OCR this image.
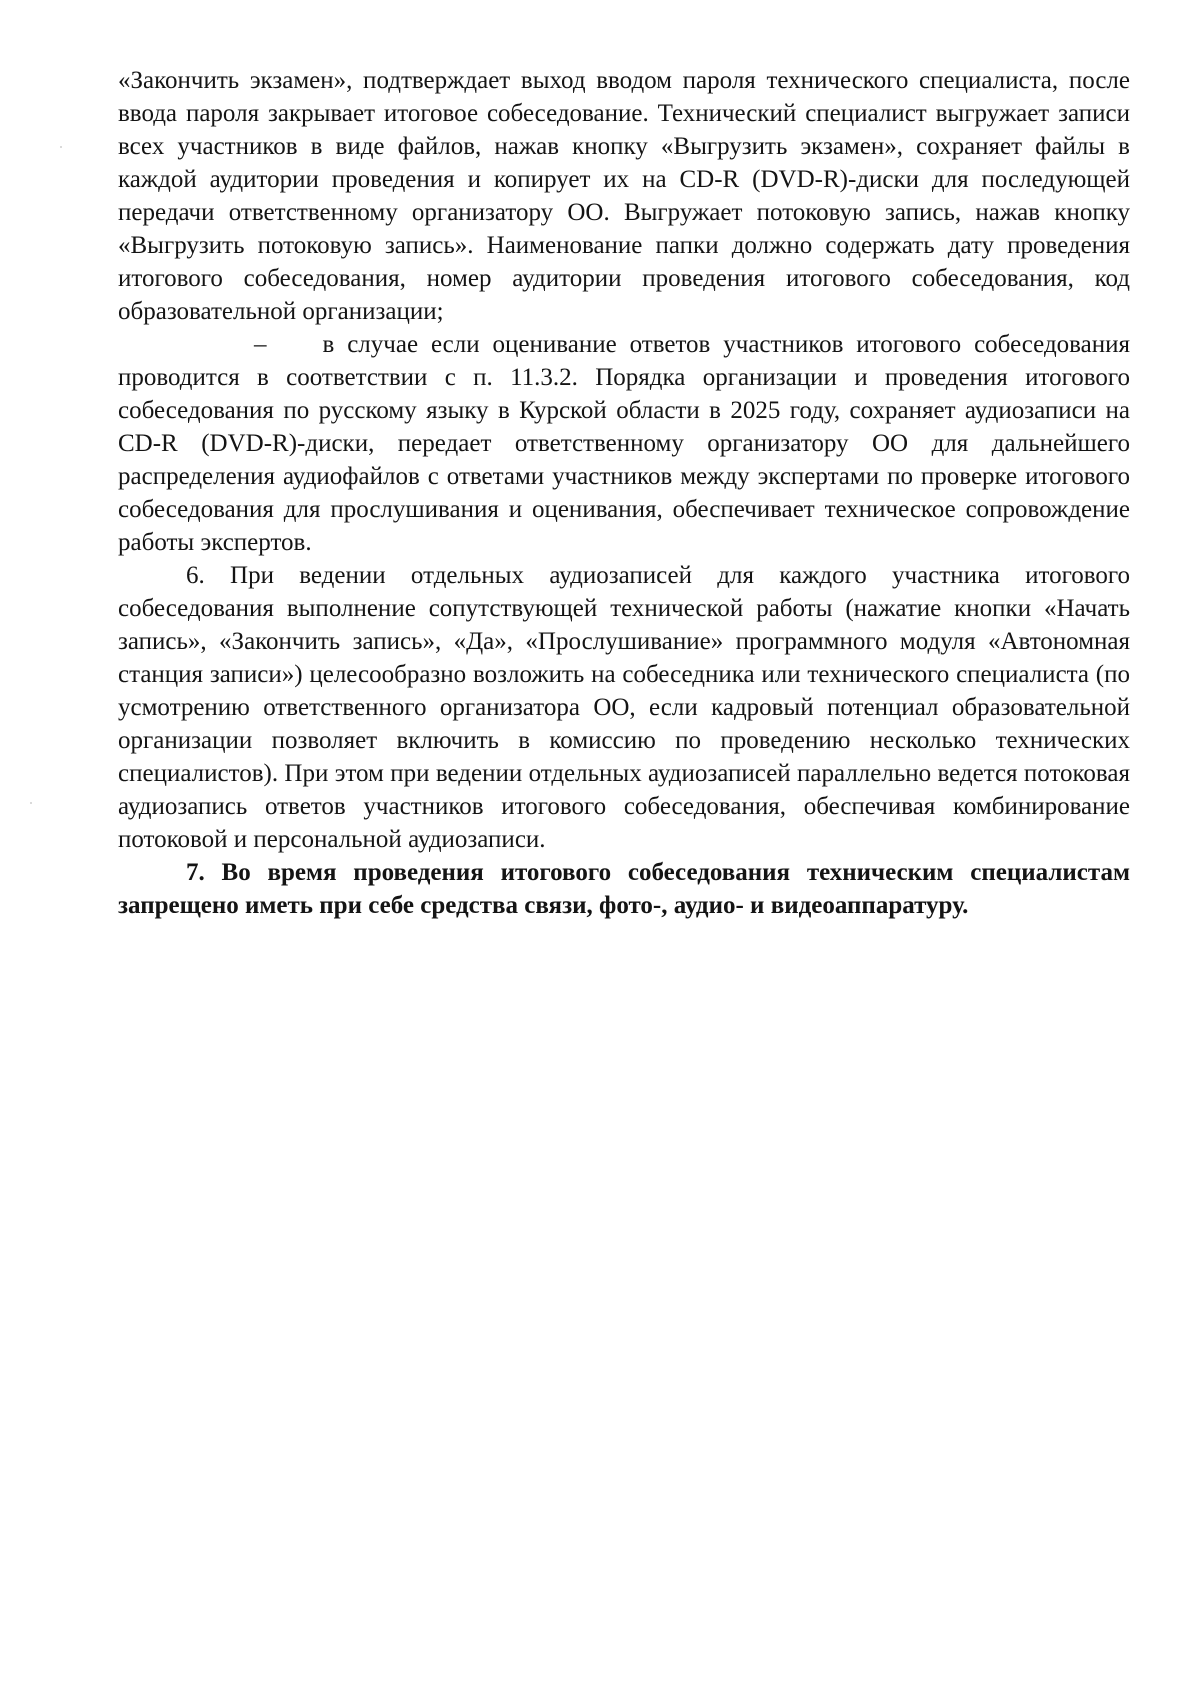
«Закончить экзамен», подтверждает выход вводом пароля технического специалиста, после ввода пароля закрывает итоговое собеседование. Технический специалист выгружает записи всех участников в виде файлов, нажав кнопку «Выгрузить экзамен», сохраняет файлы в каждой аудитории проведения и копирует их на CD-R (DVD-R)-диски для последующей передачи ответственному организатору ОО. Выгружает потоковую запись, нажав кнопку «Выгрузить потоковую запись». Наименование папки должно содержать дату проведения итогового собеседования, номер аудитории проведения итогового собеседования, код образовательной организации;

– в случае если оценивание ответов участников итогового собеседования проводится в соответствии с п. 11.3.2. Порядка организации и проведения итогового собеседования по русскому языку в Курской области в 2025 году, сохраняет аудиозаписи на CD-R (DVD-R)-диски, передает ответственному организатору ОО для дальнейшего распределения аудиофайлов с ответами участников между экспертами по проверке итогового собеседования для прослушивания и оценивания, обеспечивает техническое сопровождение работы экспертов.

6. При ведении отдельных аудиозаписей для каждого участника итогового собеседования выполнение сопутствующей технической работы (нажатие кнопки «Начать запись», «Закончить запись», «Да», «Прослушивание» программного модуля «Автономная станция записи») целесообразно возложить на собеседника или технического специалиста (по усмотрению ответственного организатора ОО, если кадровый потенциал образовательной организации позволяет включить в комиссию по проведению несколько технических специалистов). При этом при ведении отдельных аудиозаписей параллельно ведется потоковая аудиозапись ответов участников итогового собеседования, обеспечивая комбинирование потоковой и персональной аудиозаписи.

7. Во время проведения итогового собеседования техническим специалистам запрещено иметь при себе средства связи, фото-, аудио- и видеоаппаратуру.
